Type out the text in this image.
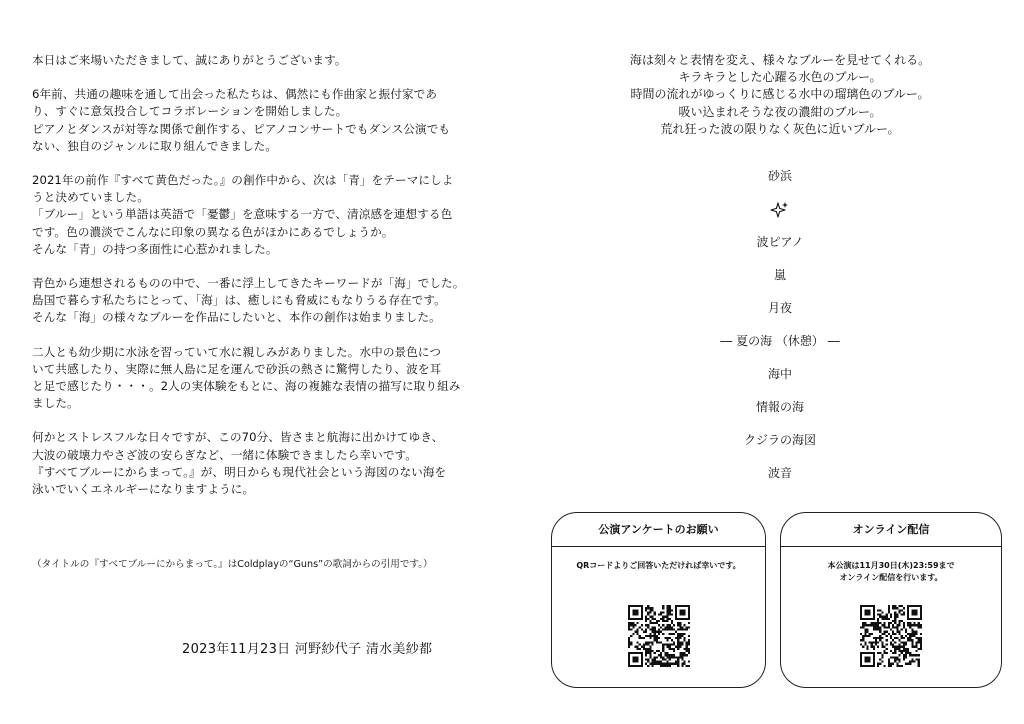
本日はご来場いただきまして、誠にありがとうございます。

6年前、共通の趣味を通して出会った私たちは、偶然にも作曲家と振付家であ
り、すぐに意気投合してコラボレーションを開始しました。
ピアノとダンスが対等な関係で創作する、ピアノコンサートでもダンス公演でも
ない、独自のジャンルに取り組んできました。

2021年の前作『すべて黄色だった。』の創作中から、次は「青」をテーマにしよ
うと決めていました。
「ブルー」という単語は英語で「憂鬱」を意味する一方で、清涼感を連想する色
です。色の濃淡でこんなに印象の異なる色がほかにあるでしょうか。
そんな「青」の持つ多面性に心惹かれました。

青色から連想されるものの中で、一番に浮上してきたキーワードが「海」でした。
島国で暮らす私たちにとって、「海」は、癒しにも脅威にもなりうる存在です。
そんな「海」の様々なブルーを作品にしたいと、本作の創作は始まりました。

二人とも幼少期に水泳を習っていて水に親しみがありました。水中の景色につ
いて共感したり、実際に無人島に足を運んで砂浜の熱さに驚愕したり、波を耳
と足で感じたり・・・。2人の実体験をもとに、海の複雑な表情の描写に取り組み
ました。

何かとストレスフルな日々ですが、この70分、皆さまと航海に出かけてゆき、
大波の破壊力やさざ波の安らぎなど、一緒に体験できましたら幸いです。
『すべてブルーにからまって。』が、明日からも現代社会という海図のない海を
泳いでいくエネルギーになりますように。

（タイトルの『すべてブルーにからまって。』はColdplayの“Guns”の歌詞からの引用です。）
2023年11月23日 河野紗代子 清水美紗都

海は刻々と表情を変え、様々なブルーを見せてくれる。
キラキラとした心躍る水色のブルー。
時間の流れがゆっくりに感じる水中の瑠璃色のブルー。
吸い込まれそうな夜の濃紺のブルー。
荒れ狂った波の限りなく灰色に近いブルー。

砂浜
波ピアノ
嵐
月夜
― 夏の海 （休憩） ―
海中
情報の海
クジラの海図
波音
公演アンケートのお願い
QRコードよりご回答いただければ幸いです。
オンライン配信
本公演は11月30日(木)23:59まで
オンライン配信を行います。
